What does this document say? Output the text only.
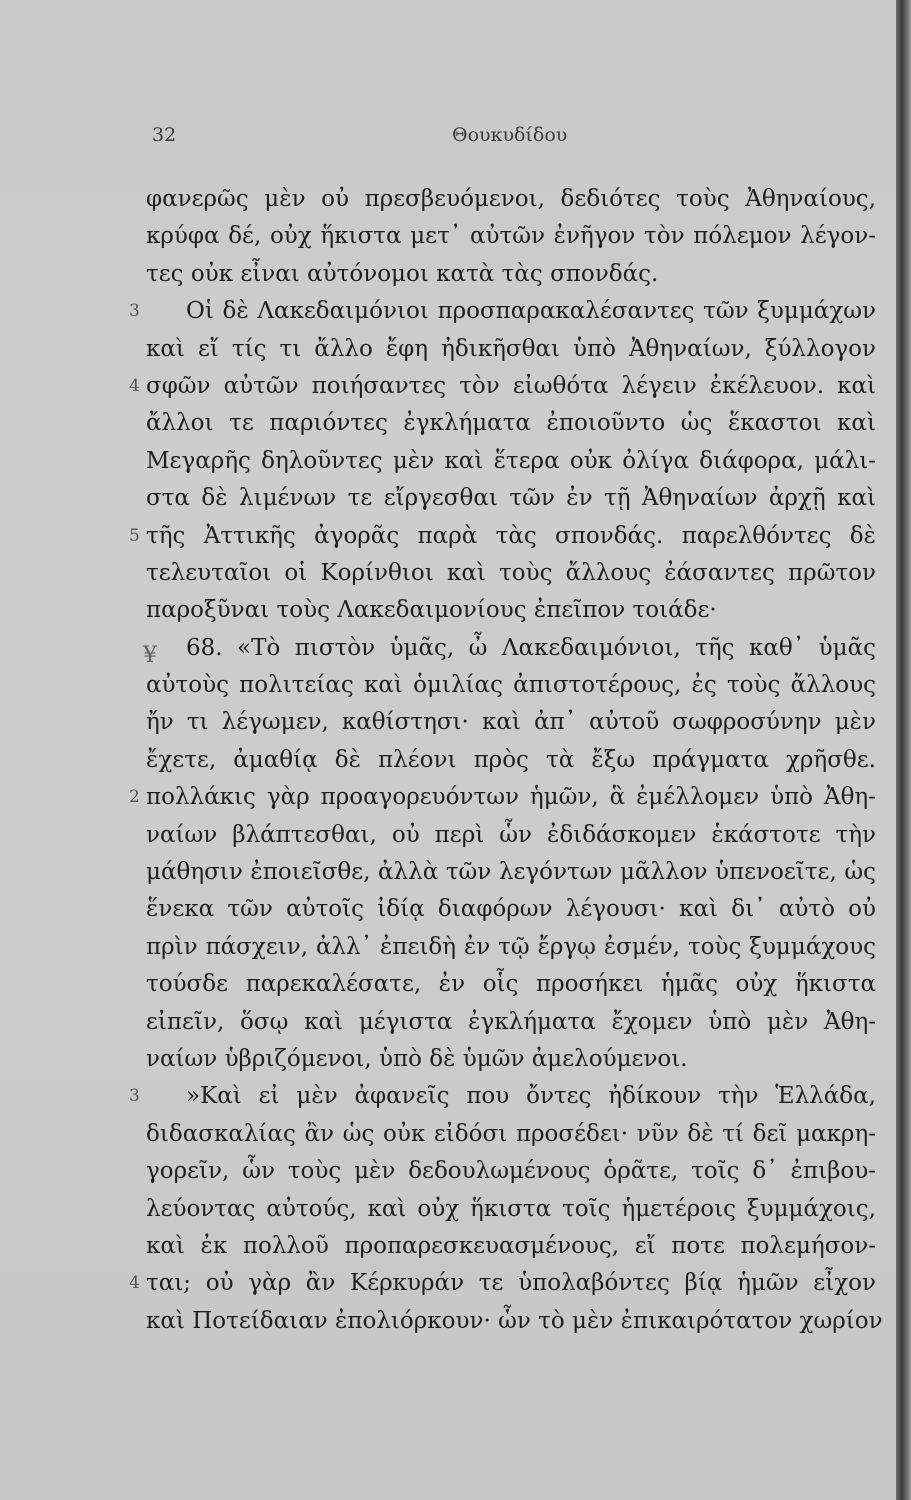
32	Θουκυδίδου
¥
φανερῶς μὲν οὐ πρεσβευόμενοι, δεδιότες τοὺς Ἀθηναίους,
κρύφα δέ, οὐχ ἥκιστα μετ᾽ αὐτῶν ἐνῆγον τὸν πόλεμον λέγον-
τες οὐκ εἶναι αὐτόνομοι κατὰ τὰς σπονδάς.
3 Οἱ δὲ Λακεδαιμόνιοι προσπαρακαλέσαντες τῶν ξυμμάχων
καὶ εἴ τίς τι ἄλλο ἔφη ἠδικῆσθαι ὑπὸ Ἀθηναίων, ξύλλογον
4 σφῶν αὐτῶν ποιήσαντες τὸν εἰωθότα λέγειν ἐκέλευον. καὶ
ἄλλοι τε παριόντες ἐγκλήματα ἐποιοῦντο ὡς ἕκαστοι καὶ
Μεγαρῆς δηλοῦντες μὲν καὶ ἕτερα οὐκ ὀλίγα διάφορα, μάλι-
στα δὲ λιμένων τε εἴργεσθαι τῶν ἐν τῇ Ἀθηναίων ἀρχῇ καὶ
5 τῆς Ἀττικῆς ἀγορᾶς παρὰ τὰς σπονδάς. παρελθόντες δὲ
τελευταῖοι οἱ Κορίνθιοι καὶ τοὺς ἄλλους ἐάσαντες πρῶτον
παροξῦναι τοὺς Λακεδαιμονίους ἐπεῖπον τοιάδε·
68. «Τὸ πιστὸν ὑμᾶς, ὦ Λακεδαιμόνιοι, τῆς καθ᾽ ὑμᾶς
αὐτοὺς πολιτείας καὶ ὁμιλίας ἀπιστοτέρους, ἐς τοὺς ἄλλους
ἤν τι λέγωμεν, καθίστησι· καὶ ἀπ᾽ αὐτοῦ σωφροσύνην μὲν
ἔχετε, ἀμαθίᾳ δὲ πλέονι πρὸς τὰ ἔξω πράγματα χρῆσθε.
2 πολλάκις γὰρ προαγορευόντων ἡμῶν, ἃ ἐμέλλομεν ὑπὸ Ἀθη-
ναίων βλάπτεσθαι, οὐ περὶ ὧν ἐδιδάσκομεν ἑκάστοτε τὴν
μάθησιν ἐποιεῖσθε, ἀλλὰ τῶν λεγόντων μᾶλλον ὑπενοεῖτε, ὡς
ἕνεκα τῶν αὐτοῖς ἰδίᾳ διαφόρων λέγουσι· καὶ δι᾽ αὐτὸ οὐ
πρὶν πάσχειν, ἀλλ᾽ ἐπειδὴ ἐν τῷ ἔργῳ ἐσμέν, τοὺς ξυμμάχους
τούσδε παρεκαλέσατε, ἐν οἷς προσήκει ἡμᾶς οὐχ ἥκιστα
εἰπεῖν, ὅσῳ καὶ μέγιστα ἐγκλήματα ἔχομεν ὑπὸ μὲν Ἀθη-
ναίων ὑβριζόμενοι, ὑπὸ δὲ ὑμῶν ἀμελούμενοι.
3 »Καὶ εἰ μὲν ἀφανεῖς που ὄντες ἠδίκουν τὴν Ἑλλάδα,
διδασκαλίας ἂν ὡς οὐκ εἰδόσι προσέδει· νῦν δὲ τί δεῖ μακρη-
γορεῖν, ὧν τοὺς μὲν δεδουλωμένους ὁρᾶτε, τοῖς δ᾽ ἐπιβου-
λεύοντας αὐτούς, καὶ οὐχ ἥκιστα τοῖς ἡμετέροις ξυμμάχοις,
καὶ ἐκ πολλοῦ προπαρεσκευασμένους, εἴ ποτε πολεμήσον-
4 ται; οὐ γὰρ ἂν Κέρκυράν τε ὑπολαβόντες βίᾳ ἡμῶν εἶχον
καὶ Ποτείδαιαν ἐπολιόρκουν· ὧν τὸ μὲν ἐπικαιρότατον χωρίον
